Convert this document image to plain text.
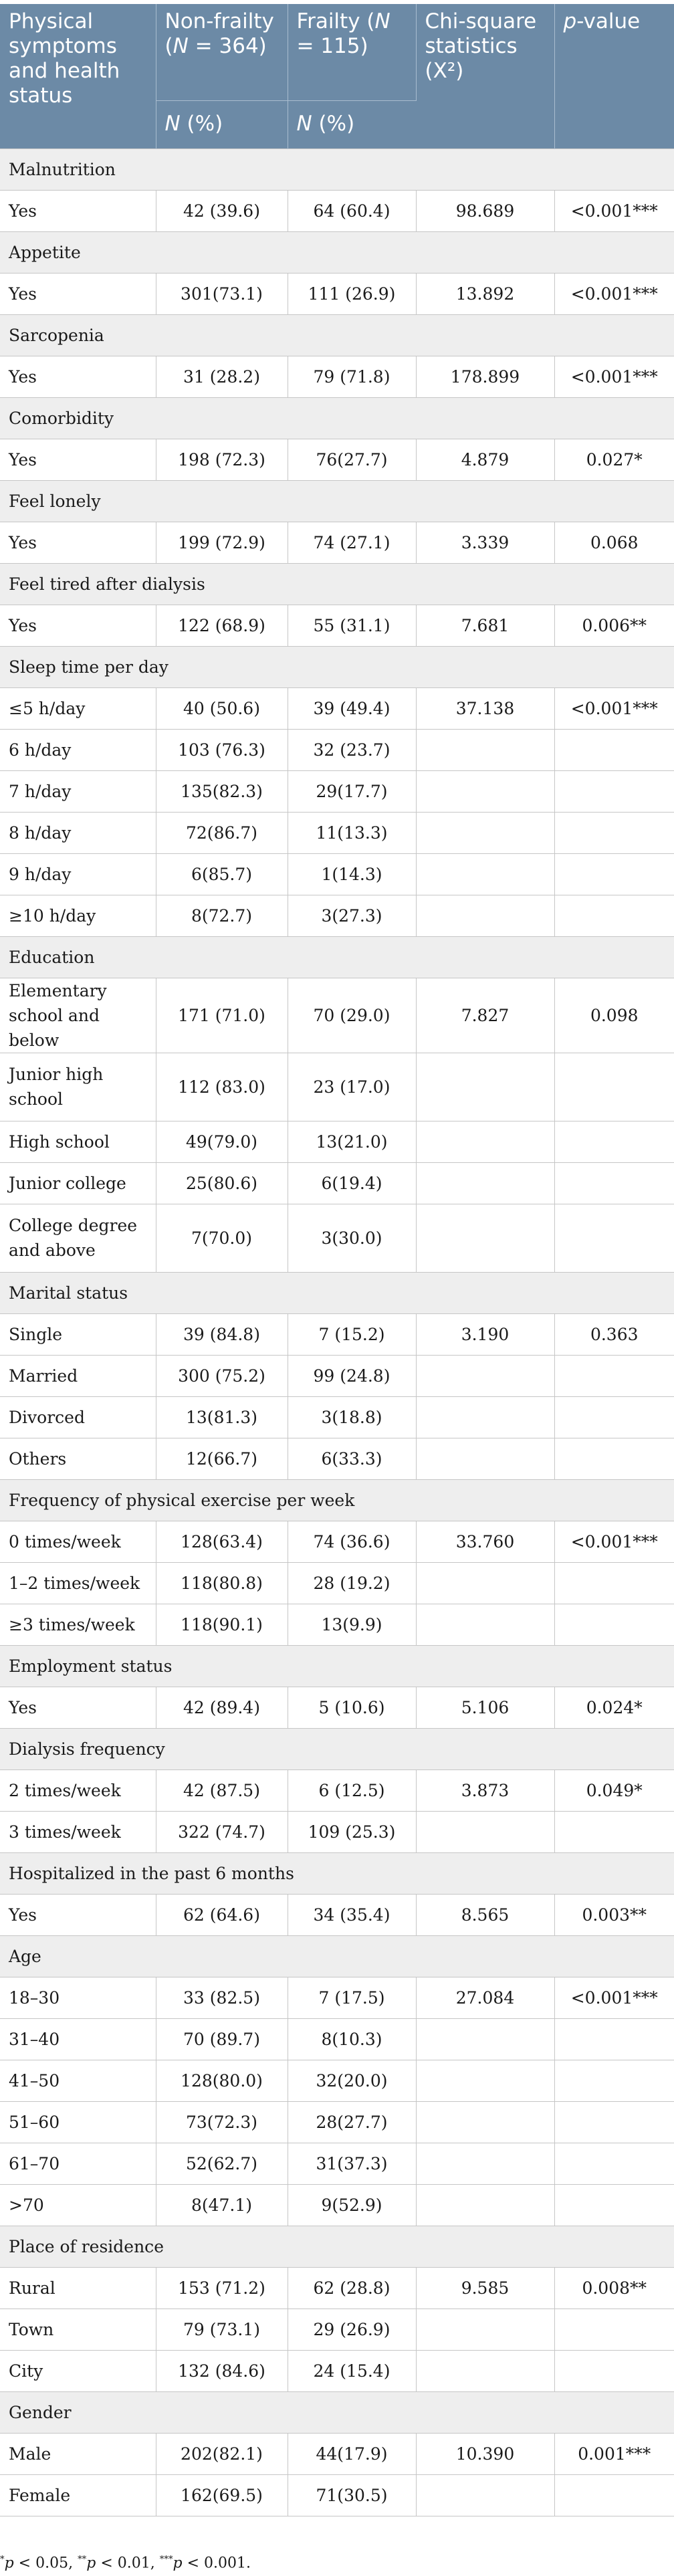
Physical symptoms and health status	Non-frailty (N = 364)	Frailty (N = 115)	Chi-square statistics (X²)	p-value
	N (%)	N (%)		
Malnutrition				
Yes	42 (39.6)	64 (60.4)	98.689	<0.001***
Appetite				
Yes	301(73.1)	111 (26.9)	13.892	<0.001***
Sarcopenia				
Yes	31 (28.2)	79 (71.8)	178.899	<0.001***
Comorbidity				
Yes	198 (72.3)	76(27.7)	4.879	0.027*
Feel lonely				
Yes	199 (72.9)	74 (27.1)	3.339	0.068
Feel tired after dialysis				
Yes	122 (68.9)	55 (31.1)	7.681	0.006**
Sleep time per day				
≤5 h/day	40 (50.6)	39 (49.4)	37.138	<0.001***
6 h/day	103 (76.3)	32 (23.7)		
7 h/day	135(82.3)	29(17.7)		
8 h/day	72(86.7)	11(13.3)		
9 h/day	6(85.7)	1(14.3)		
≥10 h/day	8(72.7)	3(27.3)		
Education				
Elementary school and below	171 (71.0)	70 (29.0)	7.827	0.098
Junior high school	112 (83.0)	23 (17.0)		
High school	49(79.0)	13(21.0)		
Junior college	25(80.6)	6(19.4)		
College degree and above	7(70.0)	3(30.0)		
Marital status				
Single	39 (84.8)	7 (15.2)	3.190	0.363
Married	300 (75.2)	99 (24.8)		
Divorced	13(81.3)	3(18.8)		
Others	12(66.7)	6(33.3)		
Frequency of physical exercise per week				
0 times/week	128(63.4)	74 (36.6)	33.760	<0.001***
1–2 times/week	118(80.8)	28 (19.2)		
≥3 times/week	118(90.1)	13(9.9)		
Employment status				
Yes	42 (89.4)	5 (10.6)	5.106	0.024*
Dialysis frequency				
2 times/week	42 (87.5)	6 (12.5)	3.873	0.049*
3 times/week	322 (74.7)	109 (25.3)		
Hospitalized in the past 6 months				
Yes	62 (64.6)	34 (35.4)	8.565	0.003**
Age				
18–30	33 (82.5)	7 (17.5)	27.084	<0.001***
31–40	70 (89.7)	8(10.3)		
41–50	128(80.0)	32(20.0)		
51–60	73(72.3)	28(27.7)		
61–70	52(62.7)	31(37.3)		
>70	8(47.1)	9(52.9)		
Place of residence				
Rural	153 (71.2)	62 (28.8)	9.585	0.008**
Town	79 (73.1)	29 (26.9)		
City	132 (84.6)	24 (15.4)		
Gender				
Male	202(82.1)	44(17.9)	10.390	0.001***
Female	162(69.5)	71(30.5)		
*p < 0.05, **p < 0.01, ***p < 0.001.
